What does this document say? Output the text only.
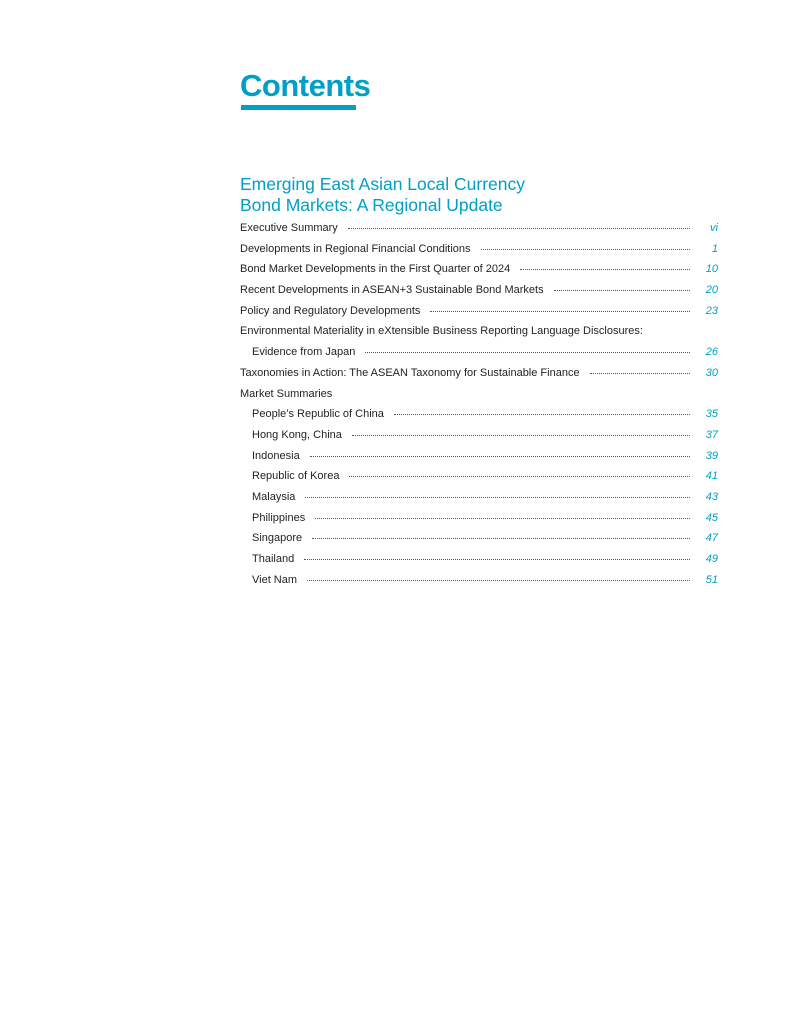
Contents
Emerging East Asian Local Currency
Bond Markets: A Regional Update
Executive Summary	vi
Developments in Regional Financial Conditions	1
Bond Market Developments in the First Quarter of 2024	10
Recent Developments in ASEAN+3 Sustainable Bond Markets	20
Policy and Regulatory Developments	23
Environmental Materiality in eXtensible Business Reporting Language Disclosures:
Evidence from Japan	26
Taxonomies in Action: The ASEAN Taxonomy for Sustainable Finance	30
Market Summaries
People’s Republic of China	35
Hong Kong, China	37
Indonesia	39
Republic of Korea	41
Malaysia	43
Philippines	45
Singapore	47
Thailand	49
Viet Nam	51
